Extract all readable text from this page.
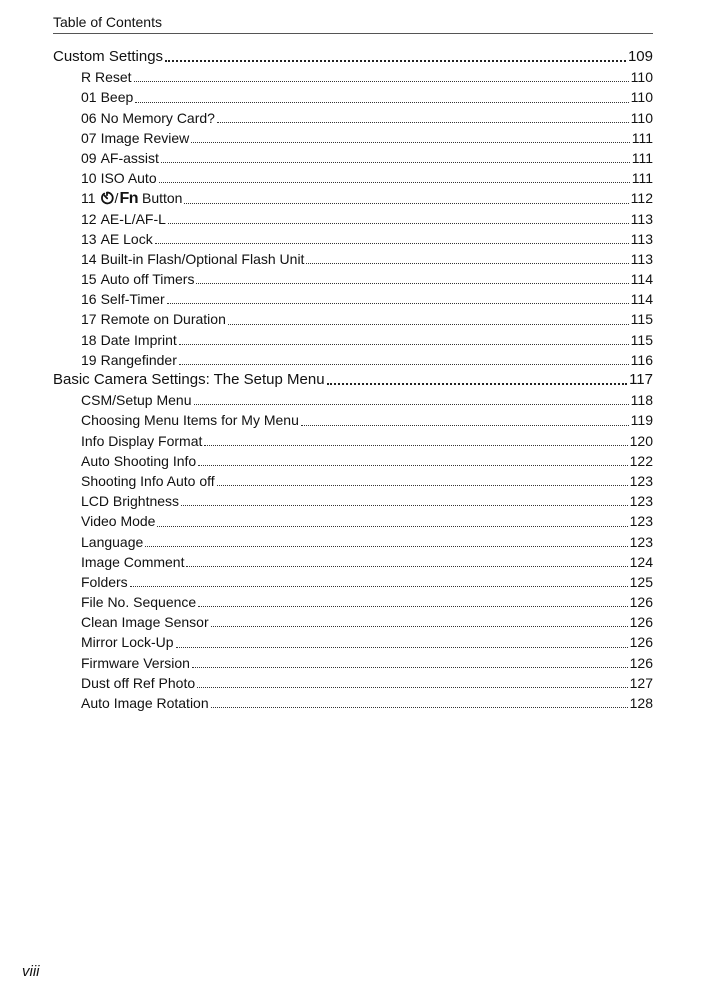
Table of Contents
Custom Settings	109
R Reset	110
01 Beep	110
06 No Memory Card?	110
07 Image Review	111
09 AF-assist	111
10 ISO Auto	111
11 / Fn Button	112
12 AE-L/AF-L	113
13 AE Lock	113
14 Built-in Flash/Optional Flash Unit	113
15 Auto off Timers	114
16 Self-Timer	114
17 Remote on Duration	115
18 Date Imprint	115
19 Rangefinder	116
Basic Camera Settings: The Setup Menu	117
CSM/Setup Menu	118
Choosing Menu Items for My Menu	119
Info Display Format	120
Auto Shooting Info	122
Shooting Info Auto off	123
LCD Brightness	123
Video Mode	123
Language	123
Image Comment	124
Folders	125
File No. Sequence	126
Clean Image Sensor	126
Mirror Lock-Up	126
Firmware Version	126
Dust off Ref Photo	127
Auto Image Rotation	128
viii
